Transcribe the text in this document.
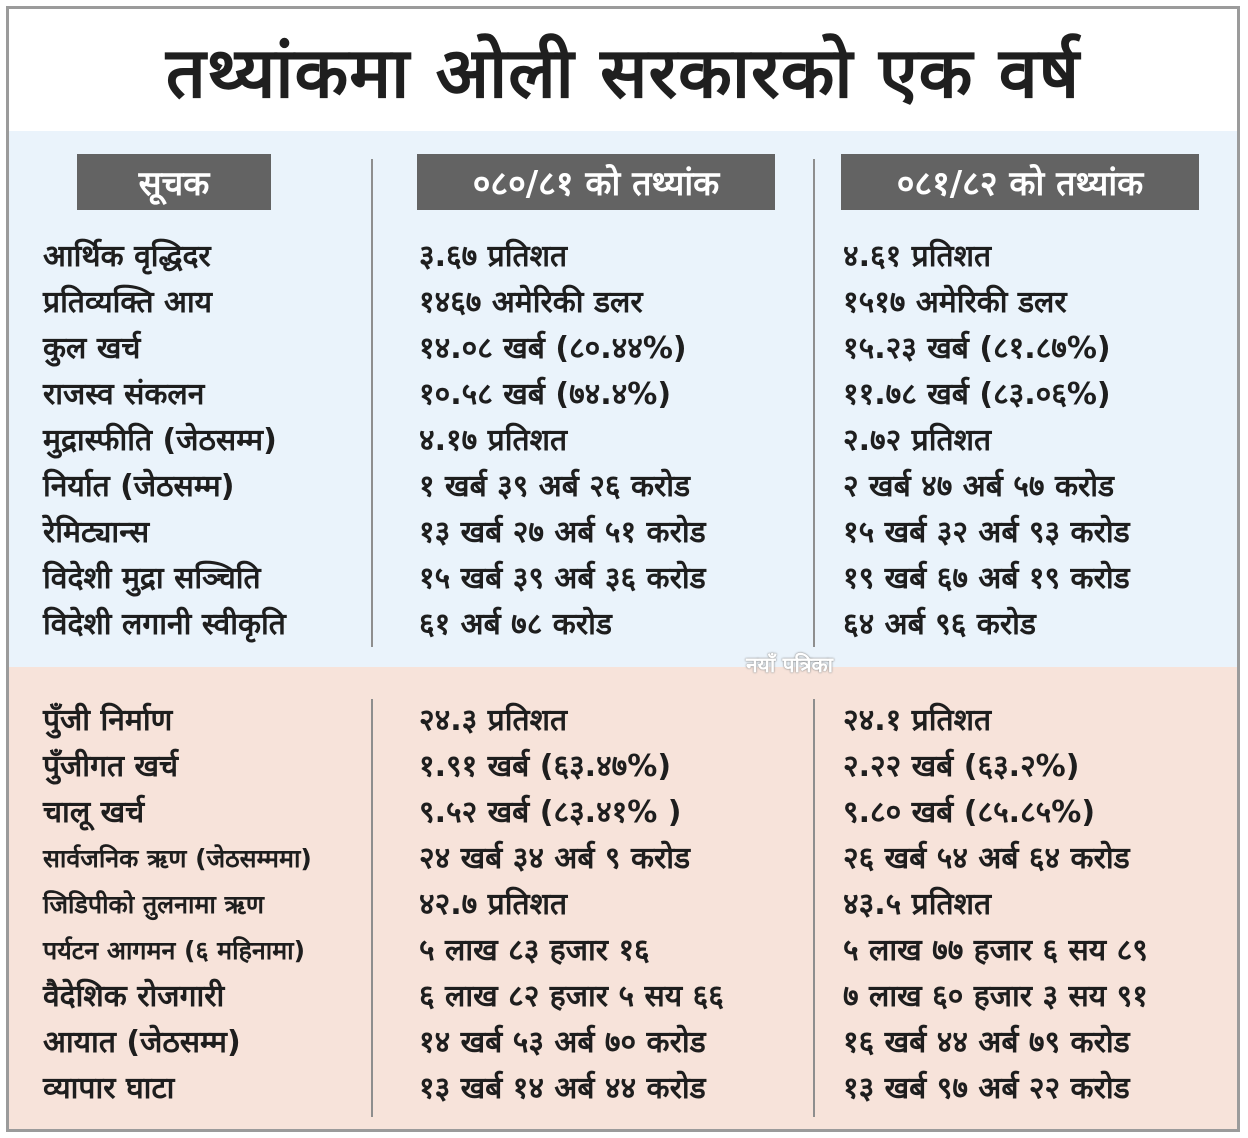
तथ्यांकमा ओली सरकारको एक वर्ष
सूचक	०८०/८१ को तथ्यांक	०८१/८२ को तथ्यांक
आर्थिक वृद्धिदर	३.६७ प्रतिशत	४.६१ प्रतिशत
प्रतिव्यक्ति आय	१४६७ अमेरिकी डलर	१५१७ अमेरिकी डलर
कुल खर्च	१४.०८ खर्ब (८०.४४%)	१५.२३ खर्ब (८१.८७%)
राजस्व संकलन	१०.५८ खर्ब (७४.४%)	११.७८ खर्ब (८३.०६%)
मुद्रास्फीति (जेठसम्म)	४.१७ प्रतिशत	२.७२ प्रतिशत
निर्यात (जेठसम्म)	१ खर्ब ३९ अर्ब २६ करोड	२ खर्ब ४७ अर्ब ५७ करोड
रेमिट्यान्स	१३ खर्ब २७ अर्ब ५१ करोड	१५ खर्ब ३२ अर्ब ९३ करोड
विदेशी मुद्रा सञ्चिति	१५ खर्ब ३९ अर्ब ३६ करोड	१९ खर्ब ६७ अर्ब १९ करोड
विदेशी लगानी स्वीकृति	६१ अर्ब ७८ करोड	६४ अर्ब ९६ करोड
पुँजी निर्माण	२४.३ प्रतिशत	२४.१ प्रतिशत
पुँजीगत खर्च	१.९१ खर्ब (६३.४७%)	२.२२ खर्ब (६३.२%)
चालू खर्च	९.५२ खर्ब (८३.४१% )	९.८० खर्ब (८५.८५%)
सार्वजनिक ऋण (जेठसम्ममा)	२४ खर्ब ३४ अर्ब ९ करोड	२६ खर्ब ५४ अर्ब ६४ करोड
जिडिपीको तुलनामा ऋण	४२.७ प्रतिशत	४३.५ प्रतिशत
पर्यटन आगमन (६ महिनामा)	५ लाख ८३ हजार १६	५ लाख ७७ हजार ६ सय ८९
वैदेशिक रोजगारी	६ लाख ८२ हजार ५ सय ६६	७ लाख ६० हजार ३ सय ९१
आयात (जेठसम्म)	१४ खर्ब ५३ अर्ब ७० करोड	१६ खर्ब ४४ अर्ब ७९ करोड
व्यापार घाटा	१३ खर्ब १४ अर्ब ४४ करोड	१३ खर्ब ९७ अर्ब २२ करोड
नयाँ पत्रिका
